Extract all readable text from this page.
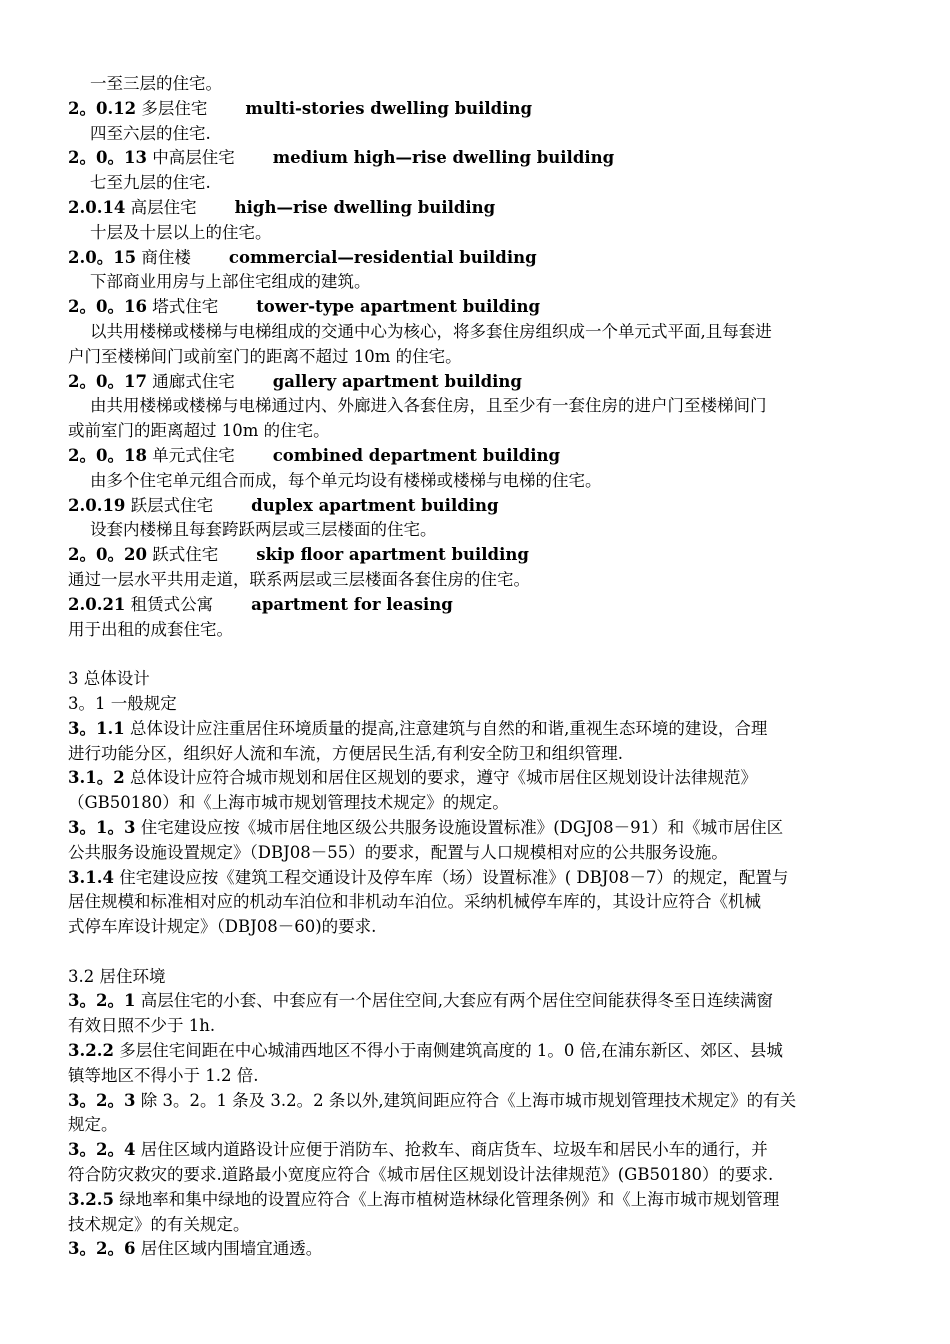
一至三层的住宅。
2。0.12 多层住宅 multi-stories dwelling building
四至六层的住宅.
2。0。13 中高层住宅 medium high—rise dwelling building
七至九层的住宅.
2.0.14 高层住宅 high—rise dwelling building
十层及十层以上的住宅。
2.0。15 商住楼 commercial—residential building
下部商业用房与上部住宅组成的建筑。
2。0。16 塔式住宅 tower-type apartment building
以共用楼梯或楼梯与电梯组成的交通中心为核心，将多套住房组织成一个单元式平面,且每套进
户门至楼梯间门或前室门的距离不超过 10m 的住宅。
2。0。17 通廊式住宅 gallery apartment building
由共用楼梯或楼梯与电梯通过内、外廊进入各套住房，且至少有一套住房的进户门至楼梯间门
或前室门的距离超过 10m 的住宅。
2。0。18 单元式住宅 combined department building
由多个住宅单元组合而成，每个单元均设有楼梯或楼梯与电梯的住宅。
2.0.19 跃层式住宅 duplex apartment building
设套内楼梯且每套跨跃两层或三层楼面的住宅。
2。0。20 跃式住宅 skip floor apartment building
通过一层水平共用走道，联系两层或三层楼面各套住房的住宅。
2.0.21 租赁式公寓 apartment for leasing
用于出租的成套住宅。
3 总体设计
3。1 一般规定
3。1.1 总体设计应注重居住环境质量的提高,注意建筑与自然的和谐,重视生态环境的建设，合理
进行功能分区，组织好人流和车流，方便居民生活,有利安全防卫和组织管理.
3.1。2 总体设计应符合城市规划和居住区规划的要求，遵守《城市居住区规划设计法律规范》
（GB50180）和《上海市城市规划管理技术规定》的规定。
3。1。3 住宅建设应按《城市居住地区级公共服务设施设置标准》(DGJ08－91）和《城市居住区
公共服务设施设置规定》（DBJ08－55）的要求，配置与人口规模相对应的公共服务设施。
3.1.4 住宅建设应按《建筑工程交通设计及停车库（场）设置标准》( DBJ08－7）的规定，配置与
居住规模和标准相对应的机动车泊位和非机动车泊位。采纳机械停车库的，其设计应符合《机械
式停车库设计规定》（DBJ08－60)的要求.
3.2 居住环境
3。2。1 高层住宅的小套、中套应有一个居住空间,大套应有两个居住空间能获得冬至日连续满窗
有效日照不少于 1h.
3.2.2 多层住宅间距在中心城浦西地区不得小于南侧建筑高度的 1。0 倍,在浦东新区、郊区、县城
镇等地区不得小于 1.2 倍.
3。2。3 除 3。2。1 条及 3.2。2 条以外,建筑间距应符合《上海市城市规划管理技术规定》的有关
规定。
3。2。4 居住区域内道路设计应便于消防车、抢救车、商店货车、垃圾车和居民小车的通行，并
符合防灾救灾的要求.道路最小宽度应符合《城市居住区规划设计法律规范》(GB50180）的要求.
3.2.5 绿地率和集中绿地的设置应符合《上海市植树造林绿化管理条例》和《上海市城市规划管理
技术规定》的有关规定。
3。2。6 居住区域内围墙宜通透。
